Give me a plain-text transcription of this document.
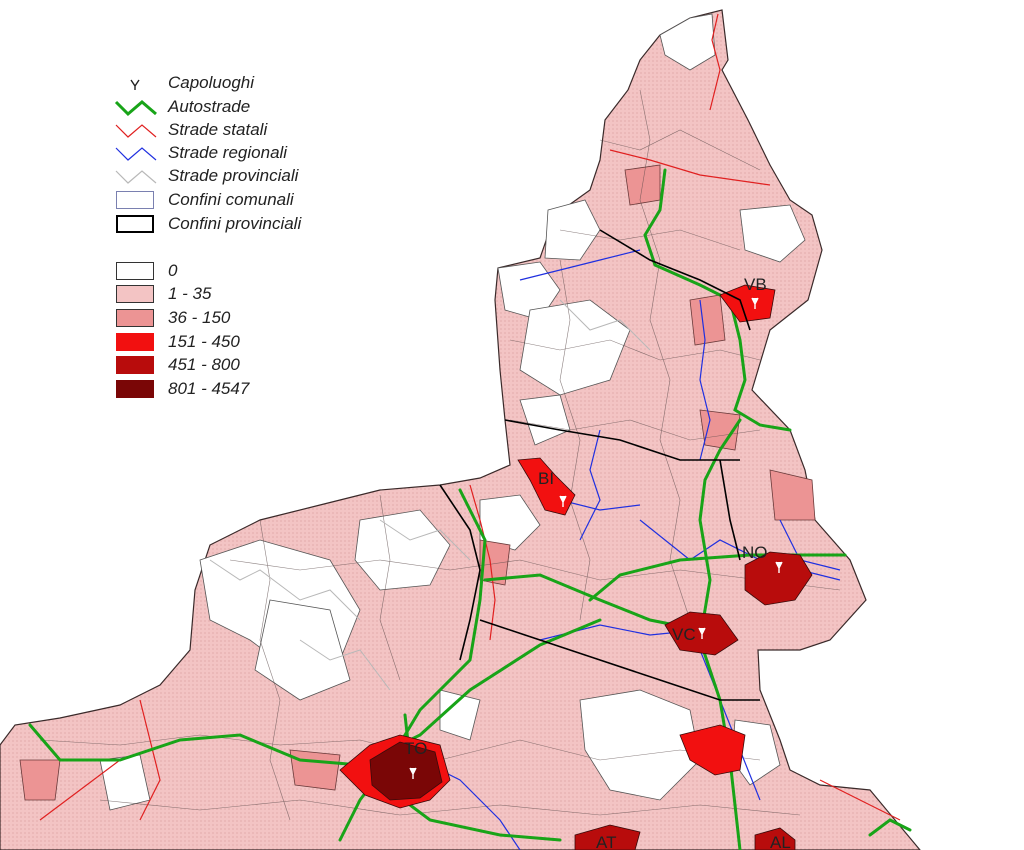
VB
BI
NO
VC
TO
AT	AL
Capoluoghi
Autostrade
Strade statali
Strade regionali
Strade provinciali
Confini comunali
Confini provinciali
0
1 - 35
36 - 150
151 - 450
451 - 800
801 - 4547
